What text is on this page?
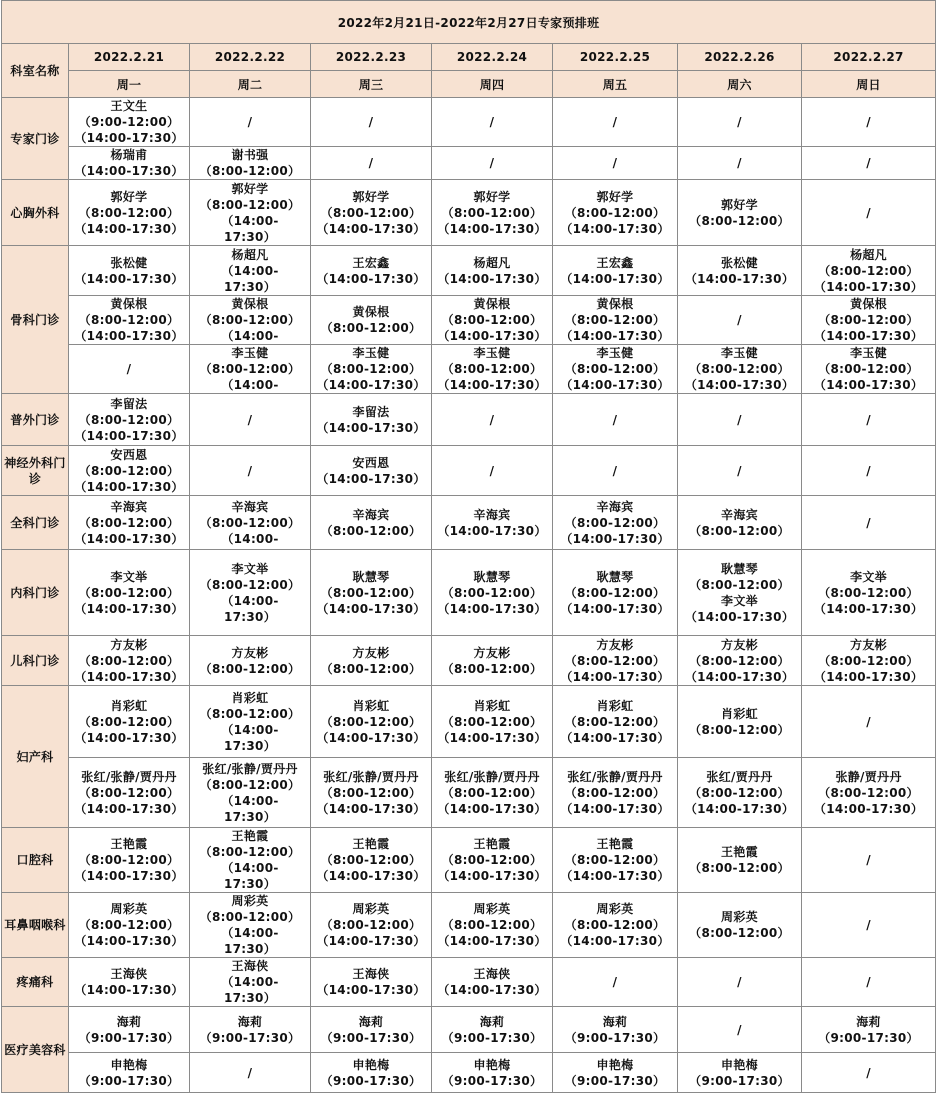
2022年2月21日-2022年2月27日专家预排班							
科室名称	2022.2.21	2022.2.22	2022.2.23	2022.2.24	2022.2.25	2022.2.26	2022.2.27
	周一	周二	周三	周四	周五	周六	周日
专家门诊	王文生
（9:00-12:00）
（14:00-17:30）	/	/	/	/	/	/
	杨瑞甫
（14:00-17:30）	谢书强
（8:00-12:00）	/	/	/	/	/
心胸外科	郭好学
（8:00-12:00）
（14:00-17:30）	郭好学
（8:00-12:00）
（14:00-
17:30）	郭好学
（8:00-12:00）
（14:00-17:30）	郭好学
（8:00-12:00）
（14:00-17:30）	郭好学
（8:00-12:00）
（14:00-17:30）	郭好学
（8:00-12:00）	/
骨科门诊	张松健
（14:00-17:30）	杨超凡
（14:00-
17:30）	王宏鑫
（14:00-17:30）	杨超凡
（14:00-17:30）	王宏鑫
（14:00-17:30）	张松健
（14:00-17:30）	杨超凡
（8:00-12:00）
（14:00-17:30）
	黄保根
（8:00-12:00）
（14:00-17:30）	黄保根
（8:00-12:00）
（14:00-	黄保根
（8:00-12:00）	黄保根
（8:00-12:00）
（14:00-17:30）	黄保根
（8:00-12:00）
（14:00-17:30）	/	黄保根
（8:00-12:00）
（14:00-17:30）
	/	李玉健
（8:00-12:00）
（14:00-	李玉健
（8:00-12:00）
（14:00-17:30）	李玉健
（8:00-12:00）
（14:00-17:30）	李玉健
（8:00-12:00）
（14:00-17:30）	李玉健
（8:00-12:00）
（14:00-17:30）	李玉健
（8:00-12:00）
（14:00-17:30）
普外门诊	李留法
（8:00-12:00）
（14:00-17:30）	/	李留法
（14:00-17:30）	/	/	/	/
神经外科门诊	安西恩
（8:00-12:00）
（14:00-17:30）	/	安西恩
（14:00-17:30）	/	/	/	/
全科门诊	辛海宾
（8:00-12:00）
（14:00-17:30）	辛海宾
（8:00-12:00）
（14:00-	辛海宾
（8:00-12:00）	辛海宾
（14:00-17:30）	辛海宾
（8:00-12:00）
（14:00-17:30）	辛海宾
（8:00-12:00）	/
内科门诊	李文举
（8:00-12:00）
（14:00-17:30）	李文举
（8:00-12:00）
（14:00-
17:30）	耿慧琴
（8:00-12:00）
（14:00-17:30）	耿慧琴
（8:00-12:00）
（14:00-17:30）	耿慧琴
（8:00-12:00）
（14:00-17:30）	耿慧琴
（8:00-12:00）
李文举
（14:00-17:30）	李文举
（8:00-12:00）
（14:00-17:30）
儿科门诊	方友彬
（8:00-12:00）
（14:00-17:30）	方友彬
（8:00-12:00）	方友彬
（8:00-12:00）	方友彬
（8:00-12:00）	方友彬
（8:00-12:00）
（14:00-17:30）	方友彬
（8:00-12:00）
（14:00-17:30）	方友彬
（8:00-12:00）
（14:00-17:30）
妇产科	肖彩虹
（8:00-12:00）
（14:00-17:30）	肖彩虹
（8:00-12:00）
（14:00-
17:30）	肖彩虹
（8:00-12:00）
（14:00-17:30）	肖彩虹
（8:00-12:00）
（14:00-17:30）	肖彩虹
（8:00-12:00）
（14:00-17:30）	肖彩虹
（8:00-12:00）	/
	张红/张静/贾丹丹
（8:00-12:00）
（14:00-17:30）	张红/张静/贾丹丹
（8:00-12:00）
（14:00-
17:30）	张红/张静/贾丹丹
（8:00-12:00）
（14:00-17:30）	张红/张静/贾丹丹
（8:00-12:00）
（14:00-17:30）	张红/张静/贾丹丹
（8:00-12:00）
（14:00-17:30）	张红/贾丹丹
（8:00-12:00）
（14:00-17:30）	张静/贾丹丹
（8:00-12:00）
（14:00-17:30）
口腔科	王艳霞
（8:00-12:00）
（14:00-17:30）	王艳霞
（8:00-12:00）
（14:00-
17:30）	王艳霞
（8:00-12:00）
（14:00-17:30）	王艳霞
（8:00-12:00）
（14:00-17:30）	王艳霞
（8:00-12:00）
（14:00-17:30）	王艳霞
（8:00-12:00）	/
耳鼻咽喉科	周彩英
（8:00-12:00）
（14:00-17:30）	周彩英
（8:00-12:00）
（14:00-
17:30）	周彩英
（8:00-12:00）
（14:00-17:30）	周彩英
（8:00-12:00）
（14:00-17:30）	周彩英
（8:00-12:00）
（14:00-17:30）	周彩英
（8:00-12:00）	/
疼痛科	王海侠
（14:00-17:30）	王海侠
（14:00-
17:30）	王海侠
（14:00-17:30）	王海侠
（14:00-17:30）	/	/	/
医疗美容科	海莉
（9:00-17:30）	海莉
（9:00-17:30）	海莉
（9:00-17:30）	海莉
（9:00-17:30）	海莉
（9:00-17:30）	/	海莉
（9:00-17:30）
	申艳梅
（9:00-17:30）	/	申艳梅
（9:00-17:30）	申艳梅
（9:00-17:30）	申艳梅
（9:00-17:30）	申艳梅
（9:00-17:30）	/
